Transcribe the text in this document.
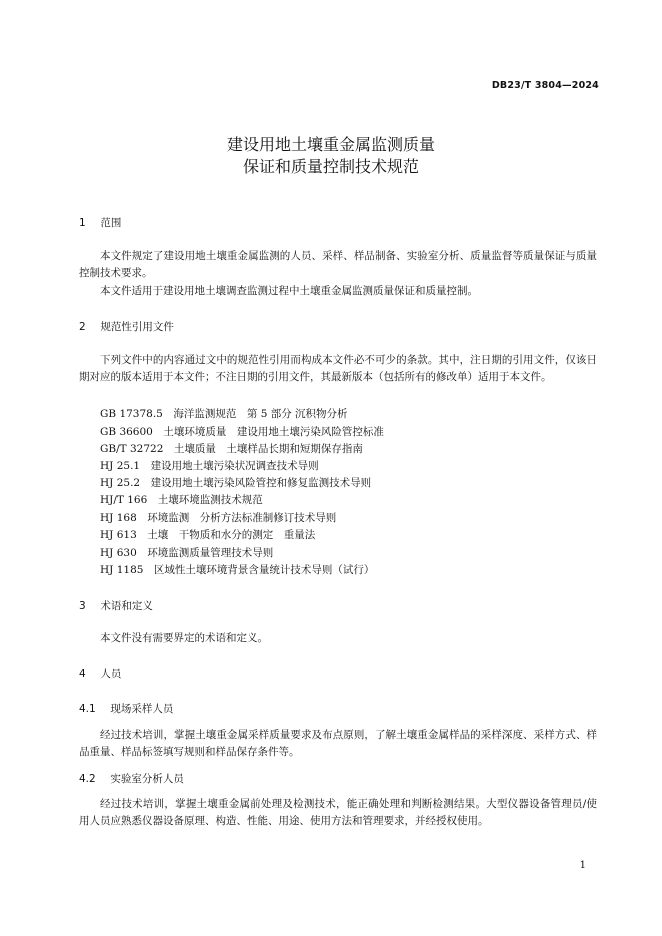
DB23/T 3804—2024
建设用地土壤重金属监测质量
保证和质量控制技术规范
1 范围
本文件规定了建设用地土壤重金属监测的人员、采样、样品制备、实验室分析、质量监督等质量保证与质量控制技术要求。
本文件适用于建设用地土壤调查监测过程中土壤重金属监测质量保证和质量控制。
2 规范性引用文件
下列文件中的内容通过文中的规范性引用而构成本文件必不可少的条款。其中，注日期的引用文件，仅该日期对应的版本适用于本文件；不注日期的引用文件，其最新版本（包括所有的修改单）适用于本文件。
GB 17378.5　海洋监测规范　第 5 部分 沉积物分析
GB 36600　土壤环境质量　建设用地土壤污染风险管控标准
GB/T 32722　土壤质量　土壤样品长期和短期保存指南
HJ 25.1　建设用地土壤污染状况调查技术导则
HJ 25.2　建设用地土壤污染风险管控和修复监测技术导则
HJ/T 166　土壤环境监测技术规范
HJ 168　环境监测　分析方法标准制修订技术导则
HJ 613　土壤　干物质和水分的测定　重量法
HJ 630　环境监测质量管理技术导则
HJ 1185　区域性土壤环境背景含量统计技术导则（试行）
3 术语和定义
本文件没有需要界定的术语和定义。
4 人员
4.1 现场采样人员
经过技术培训，掌握土壤重金属采样质量要求及布点原则，了解土壤重金属样品的采样深度、采样方式、样品重量、样品标签填写规则和样品保存条件等。
4.2 实验室分析人员
经过技术培训，掌握土壤重金属前处理及检测技术，能正确处理和判断检测结果。大型仪器设备管理员/使用人员应熟悉仪器设备原理、构造、性能、用途、使用方法和管理要求，并经授权使用。
1
